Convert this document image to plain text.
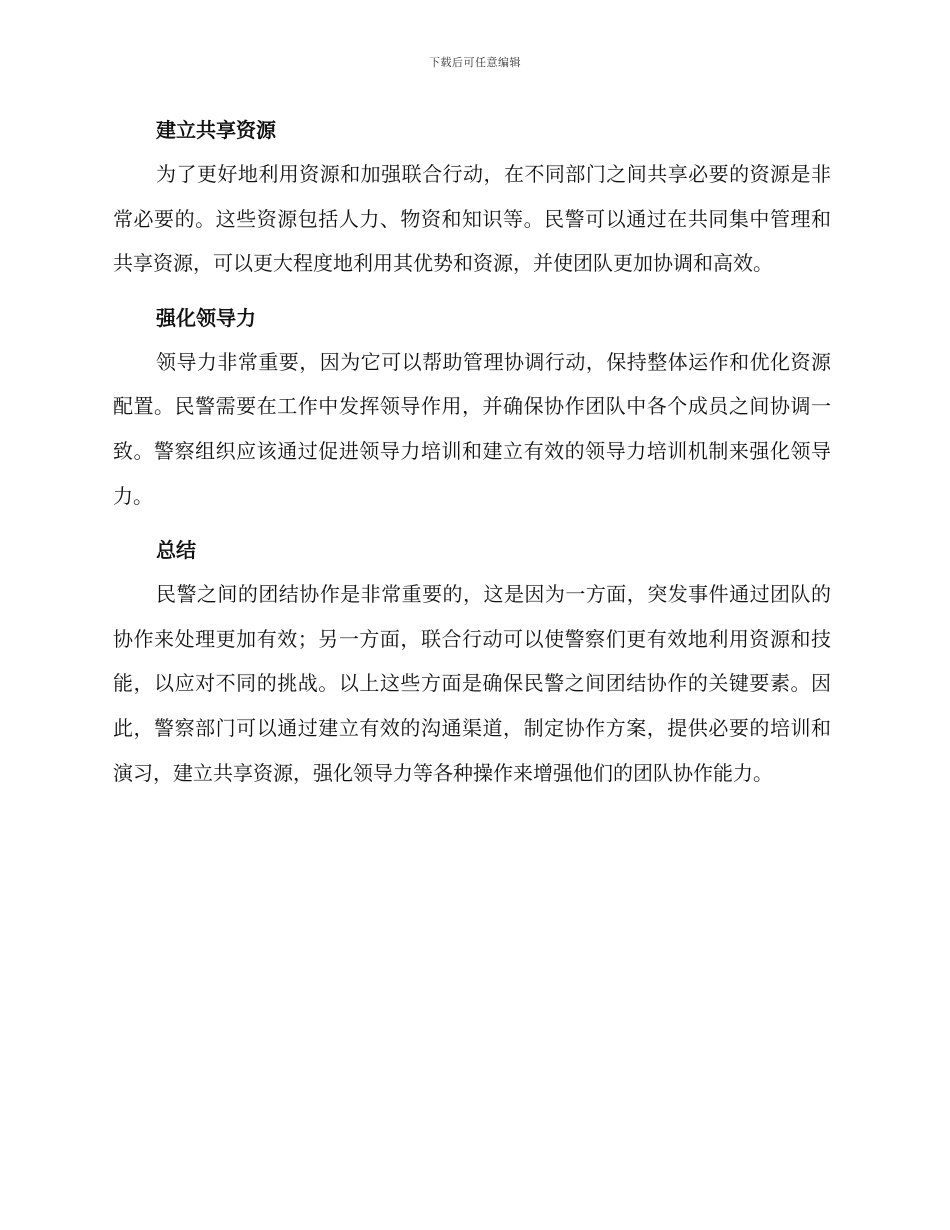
下载后可任意编辑
建立共享资源

为了更好地利用资源和加强联合行动，在不同部门之间共享必要的资源是非常必要的。这些资源包括人力、物资和知识等。民警可以通过在共同集中管理和共享资源，可以更大程度地利用其优势和资源，并使团队更加协调和高效。

强化领导力

领导力非常重要，因为它可以帮助管理协调行动，保持整体运作和优化资源配置。民警需要在工作中发挥领导作用，并确保协作团队中各个成员之间协调一致。警察组织应该通过促进领导力培训和建立有效的领导力培训机制来强化领导力。

总结

民警之间的团结协作是非常重要的，这是因为一方面，突发事件通过团队的协作来处理更加有效；另一方面，联合行动可以使警察们更有效地利用资源和技能，以应对不同的挑战。以上这些方面是确保民警之间团结协作的关键要素。因此，警察部门可以通过建立有效的沟通渠道，制定协作方案，提供必要的培训和演习，建立共享资源，强化领导力等各种操作来增强他们的团队协作能力。
